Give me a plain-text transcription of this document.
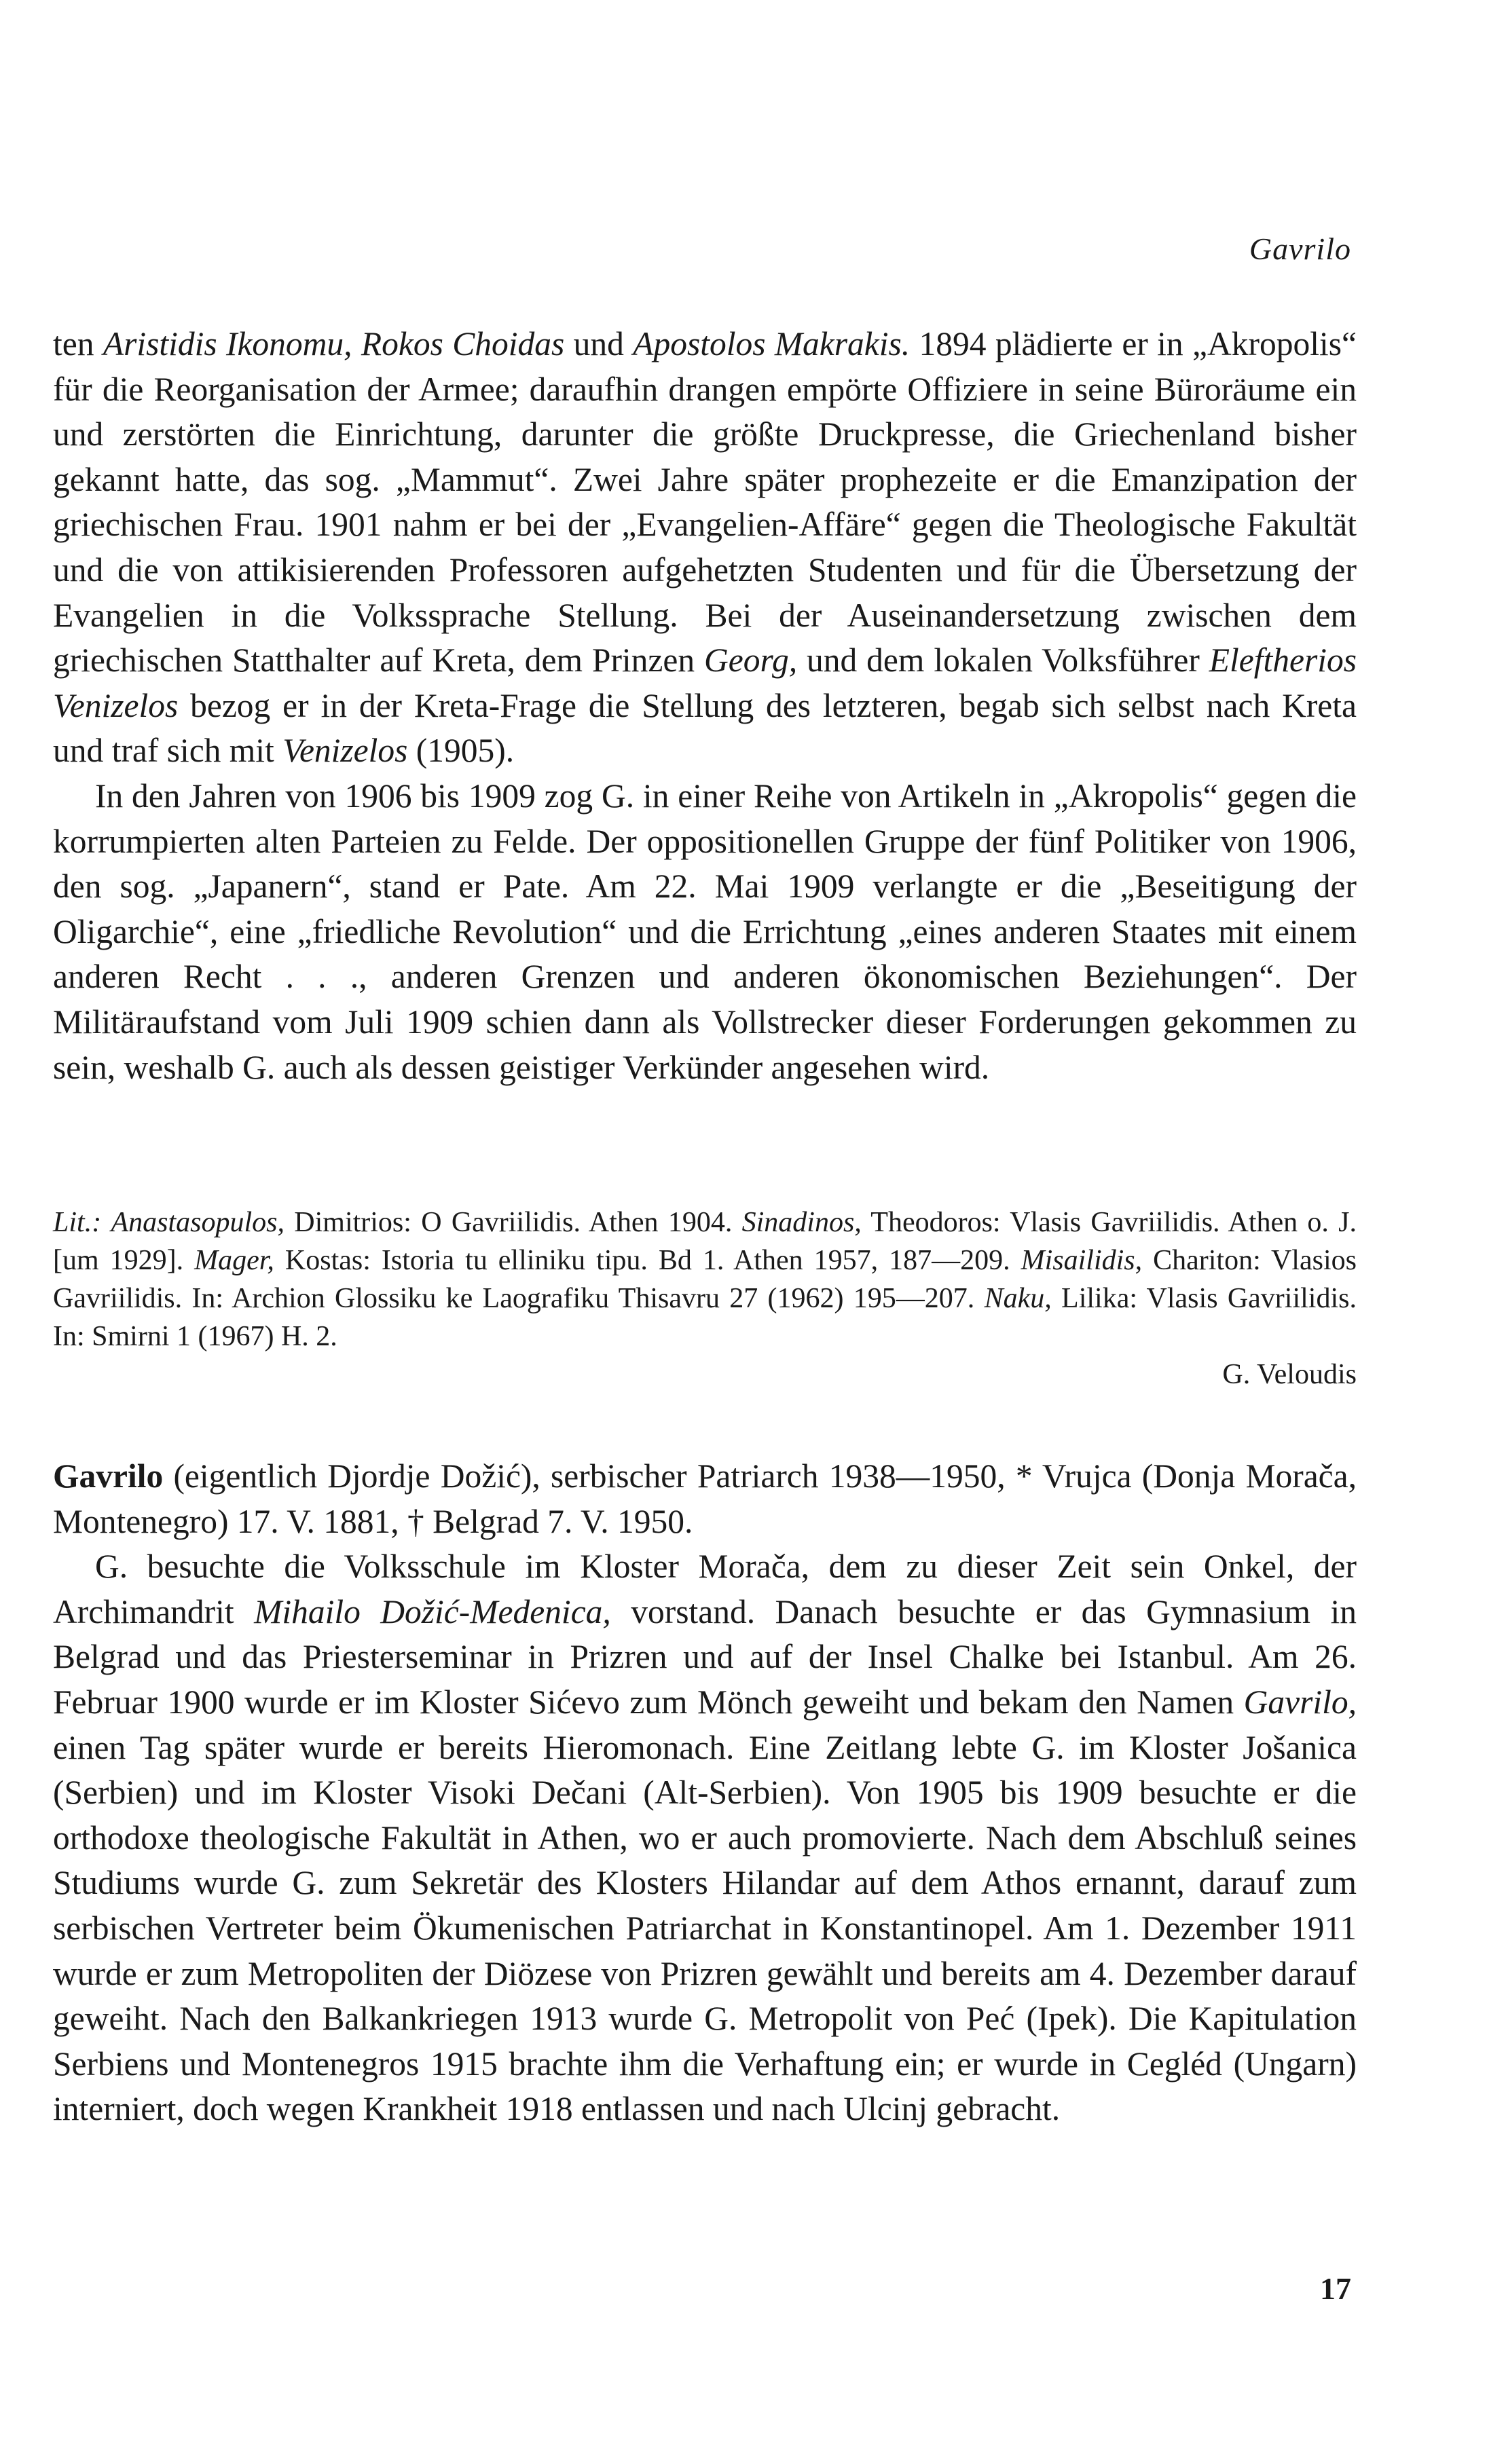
Gavrilo

ten Aristidis Ikonomu, Rokos Choidas und Apostolos Makrakis. 1894 plädierte er in „Akropolis“ für die Reorganisation der Armee; daraufhin drangen empörte Offiziere in seine Büroräume ein und zerstörten die Einrichtung, darunter die größte Druckpresse, die Griechenland bisher gekannt hatte, das sog. „Mammut“. Zwei Jahre später prophezeite er die Emanzipation der griechischen Frau. 1901 nahm er bei der „Evangelien-Affäre“ gegen die Theologische Fakultät und die von attikisierenden Professoren aufgehetzten Studenten und für die Übersetzung der Evangelien in die Volkssprache Stellung. Bei der Auseinandersetzung zwischen dem griechischen Statthalter auf Kreta, dem Prinzen Georg, und dem lokalen Volksführer Eleftherios Venizelos bezog er in der Kreta-Frage die Stellung des letzteren, begab sich selbst nach Kreta und traf sich mit Venizelos (1905).

In den Jahren von 1906 bis 1909 zog G. in einer Reihe von Artikeln in „Akropolis“ gegen die korrumpierten alten Parteien zu Felde. Der oppositionellen Gruppe der fünf Politiker von 1906, den sog. „Japanern“, stand er Pate. Am 22. Mai 1909 verlangte er die „Beseitigung der Oligarchie“, eine „friedliche Revolution“ und die Errichtung „eines anderen Staates mit einem anderen Recht . . ., anderen Grenzen und anderen ökonomischen Beziehungen“. Der Militäraufstand vom Juli 1909 schien dann als Vollstrecker dieser Forderungen gekommen zu sein, weshalb G. auch als dessen geistiger Verkünder angesehen wird.

Lit.: Anastasopulos, Dimitrios: O Gavriilidis. Athen 1904. Sinadinos, Theodoros: Vlasis Gavriilidis. Athen o. J. [um 1929]. Mager, Kostas: Istoria tu elliniku tipu. Bd 1. Athen 1957, 187—209. Misailidis, Chariton: Vlasios Gavriilidis. In: Archion Glossiku ke Laografiku Thisavru 27 (1962) 195—207. Naku, Lilika: Vlasis Gavriilidis. In: Smirni 1 (1967) H. 2.

G. Veloudis

Gavrilo (eigentlich Djordje Dožić), serbischer Patriarch 1938—1950, * Vrujca (Donja Morača, Montenegro) 17. V. 1881, † Belgrad 7. V. 1950.

G. besuchte die Volksschule im Kloster Morača, dem zu dieser Zeit sein Onkel, der Archimandrit Mihailo Dožić-Medenica, vorstand. Danach besuchte er das Gymnasium in Belgrad und das Priesterseminar in Prizren und auf der Insel Chalke bei Istanbul. Am 26. Februar 1900 wurde er im Kloster Sićevo zum Mönch geweiht und bekam den Namen Gavrilo, einen Tag später wurde er bereits Hieromonach. Eine Zeitlang lebte G. im Kloster Jošanica (Serbien) und im Kloster Visoki Dečani (Alt-Serbien). Von 1905 bis 1909 besuchte er die orthodoxe theologische Fakultät in Athen, wo er auch promovierte. Nach dem Abschluß seines Studiums wurde G. zum Sekretär des Klosters Hilandar auf dem Athos ernannt, darauf zum serbischen Vertreter beim Ökumenischen Patriarchat in Konstantinopel. Am 1. Dezember 1911 wurde er zum Metropoliten der Diözese von Prizren gewählt und bereits am 4. Dezember darauf geweiht. Nach den Balkankriegen 1913 wurde G. Metropolit von Peć (Ipek). Die Kapitulation Serbiens und Montenegros 1915 brachte ihm die Verhaftung ein; er wurde in Cegléd (Ungarn) interniert, doch wegen Krankheit 1918 entlassen und nach Ulcinj gebracht.

17
